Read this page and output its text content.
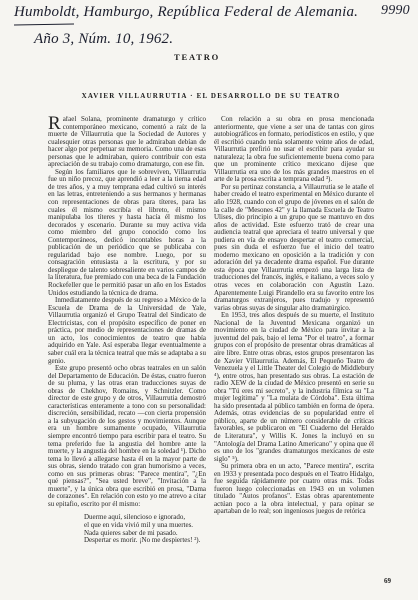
Humboldt, Hamburgo, República Federal de Alemania. 9990
Año 3, Núm. 10, 1962.
TEATRO
XAVIER VILLAURRUTIA · EL DESARROLLO DE SU TEATRO

Rafael Solana, prominente dramaturgo y crítico contemporáneo mexicano, comentó a raíz de la muerte de Villaurrutia que la Sociedad de Autores y cualesquier otras personas que le admiraban debían de hacer algo por perpetuar su memoria. Como una de esas personas que le admiraban, quiero contribuir con esta apreciación de su trabajo como dramaturgo, con ese fin.

Según los familiares que le sobreviven, Villaurrutia fue un niño precoz, que aprendió a leer a la tierna edad de tres años, y a muy temprana edad cultivó su interés en las letras, entreteniendo a sus hermanos y hermanas con representaciones de obras para títeres, para las cuales él mismo escribía el libreto, él mismo manipulaba los títeres y hasta hacía él mismo los decorados y escenario. Durante su muy activa vida como miembro del grupo conocido como los Contemporáneos, dedicó incontables horas a la publicación de un periódico que se publicaba con regularidad bajo ese nombre. Luego, por su consagración entusiasta a la escritura, y por su despliegue de talento sobresaliente en varios campos de la literatura, fue premiado con una beca de la Fundación Rockefeller que le permitió pasar un año en los Estados Unidos estudiando la técnica de drama.

Inmediatamente después de su regreso a México de la Escuela de Drama de la Universidad de Yale, Villaurrutia organizó el Grupo Teatral del Sindicato de Electricistas, con el propósito específico de poner en práctica, por medio de representaciones de dramas de un acto, los conocimientos de teatro que había adquirido en Yale. Así esperaba llegar eventualmente a saber cuál era la técnica teatral que más se adaptaba a su genio.

Este grupo presentó ocho obras teatrales en un salón del Departamento de Educación. De éstas, cuatro fueron de su pluma, y las otras eran traducciones suyas de obras de Chekhov, Romains, y Schnitzler. Como director de este grupo y de otros, Villaurrutia demostró características enteramente a tono con su personalidad: discreción, sensibilidad, recato —con cierta propensión a la subyugación de los gestos y movimientos. Aunque era un hombre sumamente ocupado, Villaurrutia siempre encontró tiempo para escribir para el teatro. Su tema preferido fue la angustia del hombre ante la muerte, y la angustia del hombre en la soledad ¹). Dicho tema lo llevó a allegarse hasta él en la mayor parte de sus obras, siendo tratado con gran humorismo a veces, como en sus primeras obras: "Parece mentira", "¿En qué piensas?", "Sea usted breve", "Invitación a la muerte", y la única obra que escribió en prosa, "Dama de corazones". En relación con esto yo me atrevo a citar su epitafio, escrito por él mismo:

Duerme aquí, silencioso e ignorado,
el que en vida vivió mil y una muertes.
Nada quieres saber de mi pasado.
Despertar es morir. ¡No me despiertes! ²).

Con relación a su obra en prosa mencionada anteriormente, que viene a ser una de tantas con giros autobiográficos en formato, periodísticos en estilo, y que él escribió cuando tenía solamente veinte años de edad, Villaurrutia prefirió no usar el escribir para ayudar su naturaleza; la obra fue suficientemente buena como para que un prominente crítico mexicano dijese que Villaurrutia era uno de los más grandes maestros en el arte de la prosa escrita a temprana edad ³).

Por su pertinaz constancia, a Villaurrutia se le atañe el haber creado el teatro experimental en México durante el año 1928, cuando con el grupo de jóvenes en el salón de la calle de "Mesones 42" y la llamada Escuela de Teatro Ulises, dio principio a un grupo que se mantuvo en dos años de actividad. Este esfuerzo trató de crear una audiencia teatral que apreciara el teatro universal y que pudiera en vía de ensayo despertar el teatro comercial, pues sin duda el esfuerzo fue el inicio del teatro moderno mexicano en oposición a la tradición y con adoración del ya decadente drama español. Fue durante esta época que Villaurrutia empezó una larga lista de traducciones del francés, inglés, e italiano, a veces solo y otras veces en colaboración con Agustín Lazo. Aparentemente Luigi Pirandello era su favorito entre los dramaturgos extranjeros, pues tradujo y representó varias obras suyas de singular alto dramatúrgico.

En 1953, tres años después de su muerte, el Instituto Nacional de la Juventud Mexicana organizó un movimiento en la ciudad de México para invitar a la juventud del país, bajo el lema "Por el teatro", a formar grupos con el propósito de presentar obras dramáticas al aire libre. Entre otras obras, estos grupos presentaron las de Xavier Villaurrutia. Además, El Pequeño Teatro de Venezuela y el Little Theater del Colegio de Middlebury ⁴), entre otros, han presentado sus obras. La estación de radio XEW de la ciudad de México presentó en serie su obra "Tú eres mi secreto", y la industria fílmica su "La mujer legítima" y "La mulata de Córdoba". Esta última ha sido presentada al público también en forma de ópera. Además, otras evidencias de su popularidad entre el público, aparte de un número considerable de críticas favorables, se publicaron en "El Cuaderno del Heraldo de Literatura", y Willis K. Jones la incluyó en su "Antología del Drama Latino Americano" y opina que él es uno de los "grandes dramaturgos mexicanos de este siglo" ⁵).

Su primera obra en un acto, "Parece mentira", escrita en 1933 y presentada poco después en el Teatro Hidalgo, fue seguida rápidamente por cuatro otras más. Todas fueron luego coleccionadas en 1943 en un volumen titulado "Autos profanos". Estas obras aparentemente actúan poco a la obra intelectual, y para opinar se apartaban de lo real; son ingeniosos juegos de retórica

69
